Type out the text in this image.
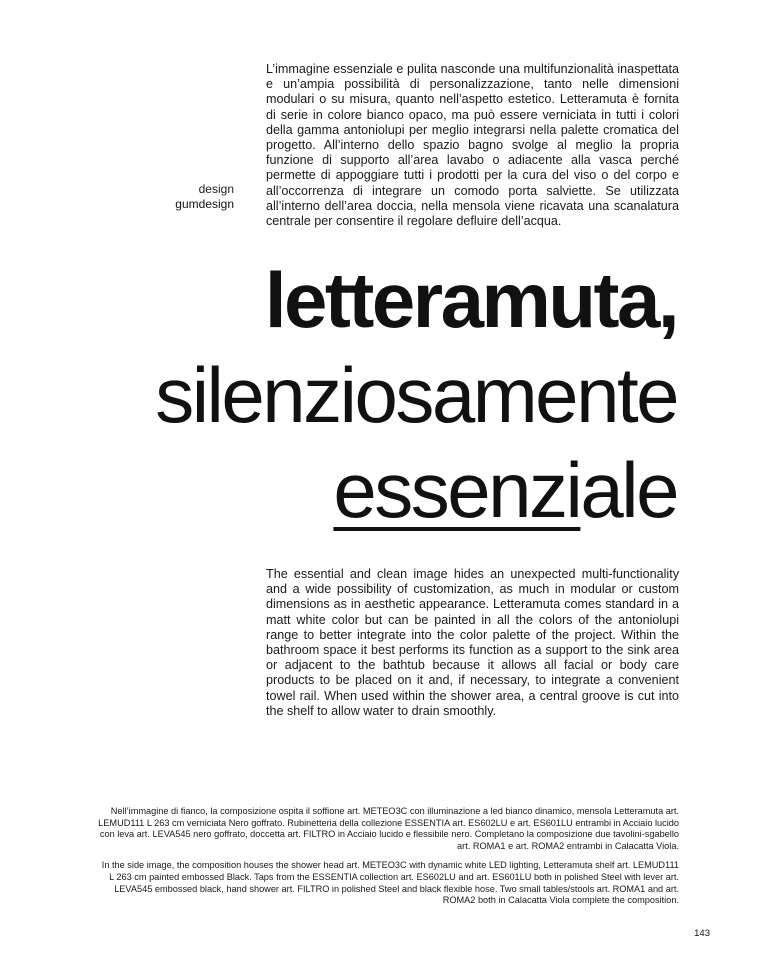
design
gumdesign

L’immagine essenziale e pulita nasconde una multifunzionalità inaspettata e un’ampia possibilità di personalizzazione, tanto nelle dimensioni modulari o su misura, quanto nell’aspetto estetico. Letteramuta è fornita di serie in colore bianco opaco, ma può essere verniciata in tutti i colori della gamma antoniolupi per meglio integrarsi nella palette cromatica del progetto. All’interno dello spazio bagno svolge al meglio la propria funzione di supporto all’area lavabo o adiacente alla vasca perché permette di appoggiare tutti i prodotti per la cura del viso o del corpo e all’occorrenza di integrare un comodo porta salviette. Se utilizzata all’interno dell’area doccia, nella mensola viene ricavata una scanalatura centrale per consentire il regolare defluire dell’acqua.

letteramuta,
silenziosamente
essenziale

The essential and clean image hides an unexpected multi-functionality and a wide possibility of customization, as much in modular or custom dimensions as in aesthetic appearance. Letteramuta comes standard in a matt white color but can be painted in all the colors of the antoniolupi range to better integrate into the color palette of the project. Within the bathroom space it best performs its function as a support to the sink area or adjacent to the bathtub because it allows all facial or body care products to be placed on it and, if necessary, to integrate a convenient towel rail. When used within the shower area, a central groove is cut into the shelf to allow water to drain smoothly.

Nell’immagine di fianco, la composizione ospita il soffione art. METEO3C con illuminazione a led bianco dinamico, mensola Letteramuta art. LEMUD111 L 263 cm verniciata Nero goffrato. Rubinetteria della collezione ESSENTIA art. ES602LU e art. ES601LU entrambi in Acciaio lucido con leva art. LEVA545 nero goffrato, doccetta art. FILTRO in Acciaio lucido e flessibile nero. Completano la composizione due tavolini-sgabello art. ROMA1 e art. ROMA2 entrambi in Calacatta Viola.

In the side image, the composition houses the shower head art. METEO3C with dynamic white LED lighting, Letteramuta shelf art. LEMUD111 L 263 cm painted embossed Black. Taps from the ESSENTIA collection art. ES602LU and art. ES601LU both in polished Steel with lever art. LEVA545 embossed black, hand shower art. FILTRO in polished Steel and black flexible hose. Two small tables/stools art. ROMA1 and art. ROMA2 both in Calacatta Viola complete the composition.

143
